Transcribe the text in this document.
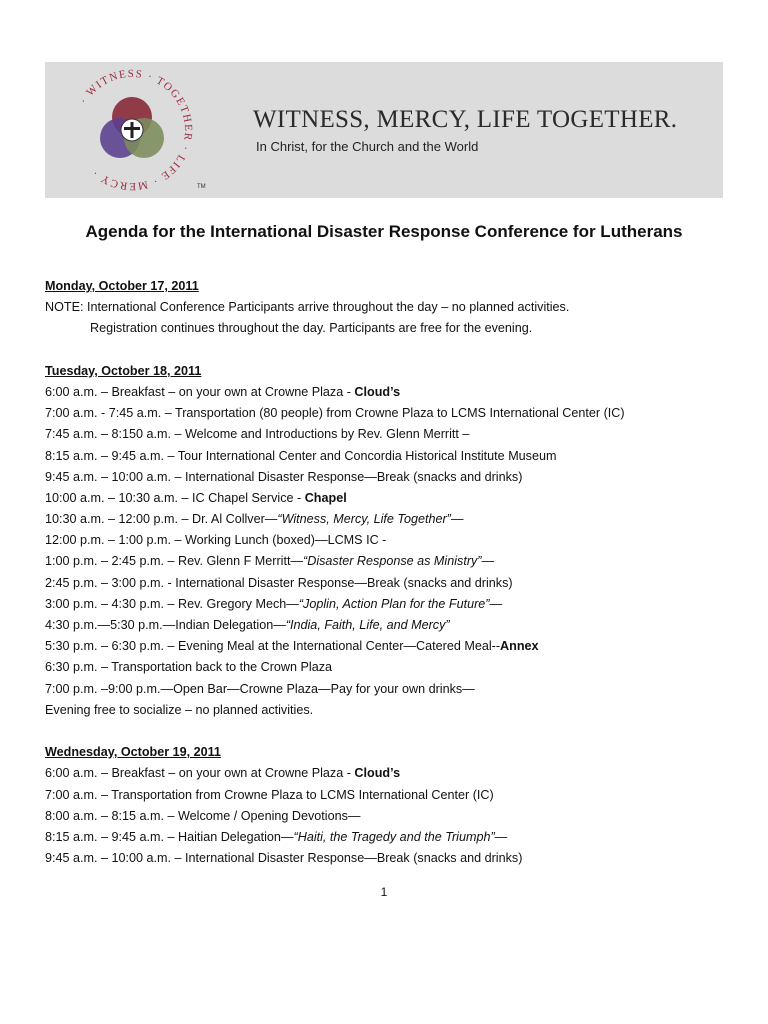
· WITNESS · TOGETHER · LIFE · MERCY ·
TM
WITNESS, MERCY, LIFE TOGETHER.
In Christ, for the Church and the World
Agenda for the International Disaster Response Conference for Lutherans
Monday, October 17, 2011
NOTE: International Conference Participants arrive throughout the day – no planned activities.
Registration continues throughout the day. Participants are free for the evening.
Tuesday, October 18, 2011
6:00 a.m. – Breakfast – on your own at Crowne Plaza - Cloud’s
7:00 a.m. - 7:45 a.m. – Transportation (80 people) from Crowne Plaza to LCMS International Center (IC)
7:45 a.m. – 8:150 a.m. – Welcome and Introductions by Rev. Glenn Merritt –
8:15 a.m. – 9:45 a.m. – Tour International Center and Concordia Historical Institute Museum
9:45 a.m. – 10:00 a.m. – International Disaster Response—Break (snacks and drinks)
10:00 a.m. – 10:30 a.m. – IC Chapel Service - Chapel
10:30 a.m. – 12:00 p.m. – Dr. Al Collver—“Witness, Mercy, Life Together”—
12:00 p.m. – 1:00 p.m. – Working Lunch (boxed)—LCMS IC -
1:00 p.m. – 2:45 p.m. – Rev. Glenn F Merritt—“Disaster Response as Ministry”—
2:45 p.m. – 3:00 p.m. - International Disaster Response—Break (snacks and drinks)
3:00 p.m. – 4:30 p.m. – Rev. Gregory Mech—“Joplin, Action Plan for the Future”—
4:30 p.m.—5:30 p.m.—Indian Delegation—“India, Faith, Life, and Mercy”
5:30 p.m. – 6:30 p.m. – Evening Meal at the International Center—Catered Meal--Annex
6:30 p.m. – Transportation back to the Crown Plaza
7:00 p.m. –9:00 p.m.—Open Bar—Crowne Plaza—Pay for your own drinks—
Evening free to socialize – no planned activities.
Wednesday, October 19, 2011
6:00 a.m. – Breakfast – on your own at Crowne Plaza - Cloud’s
7:00 a.m. – Transportation from Crowne Plaza to LCMS International Center (IC)
8:00 a.m. – 8:15 a.m. – Welcome / Opening Devotions—
8:15 a.m. – 9:45 a.m. – Haitian Delegation—“Haiti, the Tragedy and the Triumph”—
9:45 a.m. – 10:00 a.m. – International Disaster Response—Break (snacks and drinks)
1
